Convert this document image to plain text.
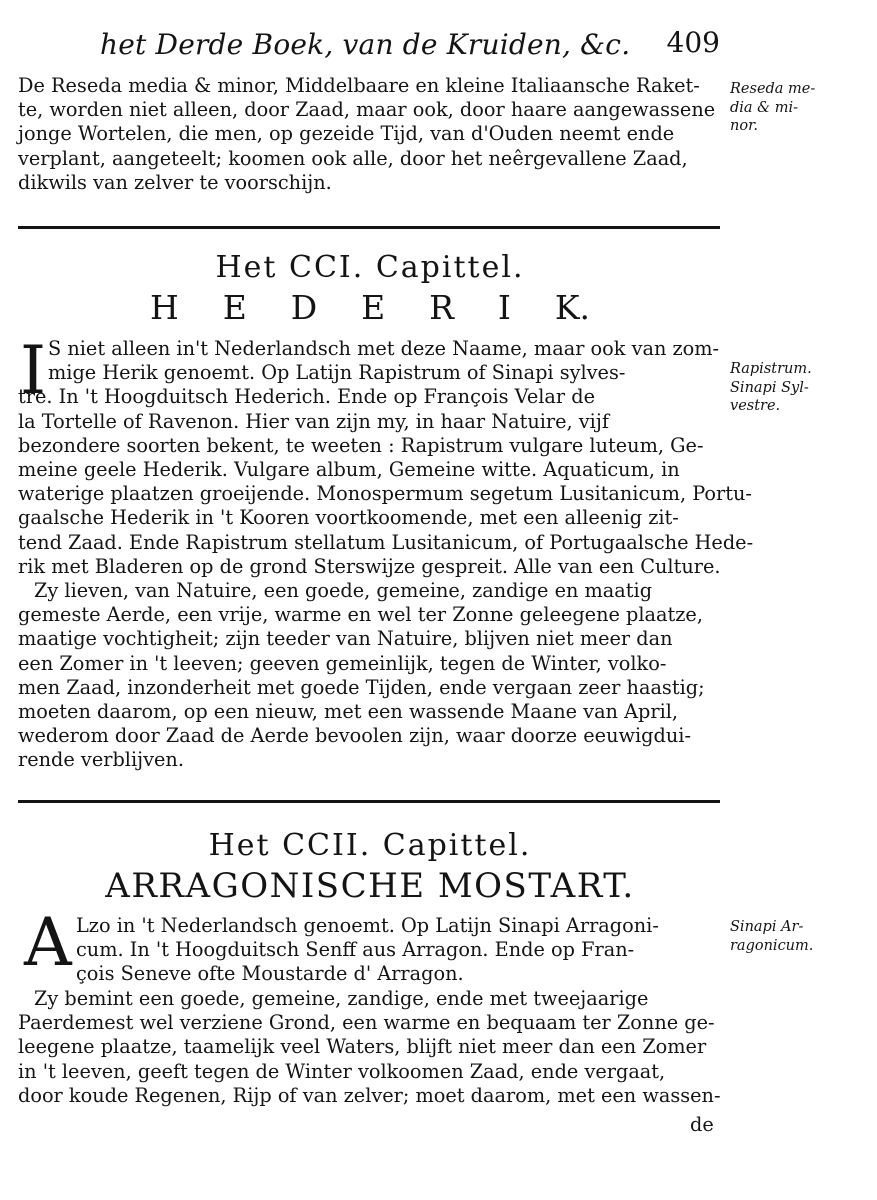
het Derde Boek, van de Kruiden, &c. 409
De Reseda media & minor, Middelbaare en kleine Italiaansche Raket-
te, worden niet alleen, door Zaad, maar ook, door haare aangewassene
jonge Wortelen, die men, op gezeide Tijd, van d'Ouden neemt ende
verplant, aangeteelt; koomen ook alle, door het neêrgevallene Zaad,
dikwils van zelver te voorschijn.
Reseda me-
dia & mi-
nor.
Het CCI. Capittel.
H E D E R I K.
I S niet alleen in't Nederlandsch met deze Naame, maar ook van zom-
mige Herik genoemt. Op Latijn Rapistrum of Sinapi sylves-
tre. In 't Hoogduitsch Hederich. Ende op François Velar de
la Tortelle of Ravenon. Hier van zijn my, in haar Natuire, vijf
bezondere soorten bekent, te weeten : Rapistrum vulgare luteum, Ge-
meine geele Hederik. Vulgare album, Gemeine witte. Aquaticum, in
waterige plaatzen groeijende. Monospermum segetum Lusitanicum, Portu-
gaalsche Hederik in 't Kooren voortkoomende, met een alleenig zit-
tend Zaad. Ende Rapistrum stellatum Lusitanicum, of Portugaalsche Hede-
rik met Bladeren op de grond Sterswijze gespreit. Alle van een Culture.
Rapistrum.
Sinapi Syl-
vestre.
Zy lieven, van Natuire, een goede, gemeine, zandige en maatig
gemeste Aerde, een vrije, warme en wel ter Zonne geleegene plaatze,
maatige vochtigheit; zijn teeder van Natuire, blijven niet meer dan
een Zomer in 't leeven; geeven gemeinlijk, tegen de Winter, volko-
men Zaad, inzonderheit met goede Tijden, ende vergaan zeer haastig;
moeten daarom, op een nieuw, met een wassende Maane van April,
wederom door Zaad de Aerde bevoolen zijn, waar doorze eeuwigdui-
rende verblijven.
Het CCII. Capittel.
ARRAGONISCHE MOSTART.
A Lzo in 't Nederlandsch genoemt. Op Latijn Sinapi Arragoni-
cum. In 't Hoogduitsch Senff aus Arragon. Ende op Fran-
çois Seneve ofte Moustarde d' Arragon.
Sinapi Ar-
ragonicum.
Zy bemint een goede, gemeine, zandige, ende met tweejaarige
Paerdemest wel verziene Grond, een warme en bequaam ter Zonne ge-
leegene plaatze, taamelijk veel Waters, blijft niet meer dan een Zomer
in 't leeven, geeft tegen de Winter volkoomen Zaad, ende vergaat,
door koude Regenen, Rijp of van zelver; moet daarom, met een wassen-
de
